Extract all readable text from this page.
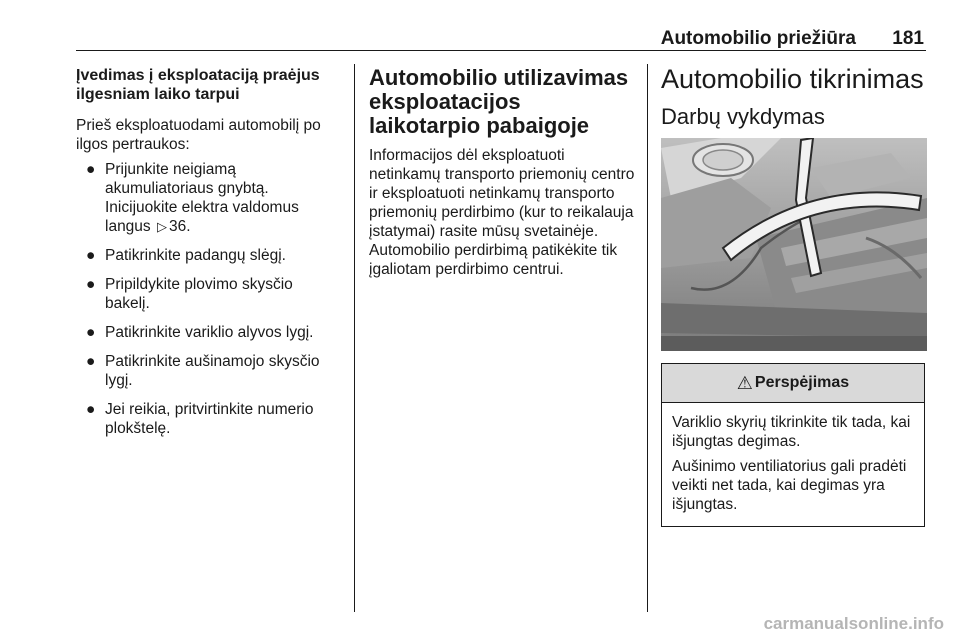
Automobilio priežiūra 181
Įvedimas į eksploataciją praėjus ilgesniam laiko tarpui

Prieš eksploatuodami automobilį po ilgos pertraukos:

● Prijunkite neigiamą akumuliatoriaus gnybtą. Inicijuokite elektra valdomus langus ▷ 36.
● Patikrinkite padangų slėgį.
● Pripildykite plovimo skysčio bakelį.
● Patikrinkite variklio alyvos lygį.
● Patikrinkite aušinamojo skysčio lygį.
● Jei reikia, pritvirtinkite numerio plokštelę.
Automobilio utilizavimas eksploatacijos laikotarpio pabaigoje

Informacijos dėl eksploatuoti netinkamų transporto priemonių centro ir eksploatuoti netinkamų transporto priemonių perdirbimo (kur to reikalauja įstatymai) rasite mūsų svetainėje. Automobilio perdirbimą patikėkite tik įgaliotam perdirbimo centrui.

Automobilio tikrinimas
Darbų vykdymas
⚠ Perspėjimas

Variklio skyrių tikrinkite tik tada, kai išjungtas degimas.

Aušinimo ventiliatorius gali pradėti veikti net tada, kai degimas yra išjungtas.

carmanualsonline.info
